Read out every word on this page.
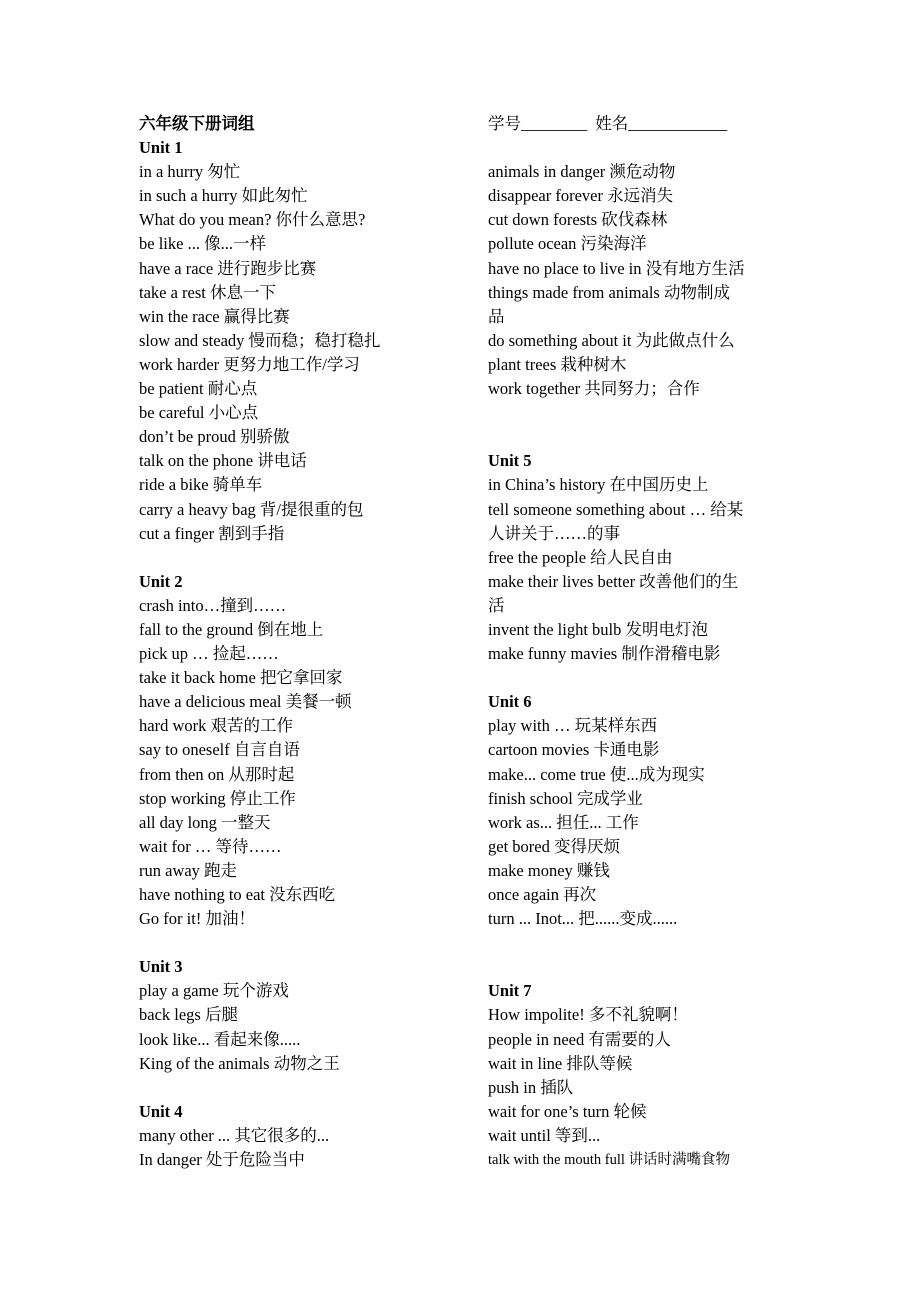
六年级下册词组
Unit 1
in a hurry 匆忙
in such a hurry 如此匆忙
What do you mean? 你什么意思?
be like ... 像...一样
have a race 进行跑步比赛
take a rest 休息一下
win the race 赢得比赛
slow and steady 慢而稳；稳打稳扎
work harder 更努力地工作/学习
be patient 耐心点
be careful 小心点
don’t be proud 别骄傲
talk on the phone 讲电话
ride a bike 骑单车
carry a heavy bag 背/提很重的包
cut a finger 割到手指
Unit 2
crash into…撞到……
fall to the ground 倒在地上
pick up … 捡起……
take it back home 把它拿回家
have a delicious meal 美餐一顿
hard work 艰苦的工作
say to oneself 自言自语
from then on 从那时起
stop working 停止工作
all day long 一整天
wait for … 等待……
run away 跑走
have nothing to eat 没东西吃
Go for it! 加油！
Unit 3
play a game 玩个游戏
back legs 后腿
look like... 看起来像.....
King of the animals 动物之王
Unit 4
many other ... 其它很多的...
In danger 处于危险当中
学号________ 姓名____________
animals in danger 濒危动物
disappear forever 永远消失
cut down forests 砍伐森林
pollute ocean 污染海洋
have no place to live in 没有地方生活
things made from animals 动物制成
品
do something about it 为此做点什么
plant trees 栽种树木
work together 共同努力；合作
Unit 5
in China’s history 在中国历史上
tell someone something about … 给某
人讲关于……的事
free the people 给人民自由
make their lives better 改善他们的生
活
invent the light bulb 发明电灯泡
make funny mavies 制作滑稽电影
Unit 6
play with … 玩某样东西
cartoon movies 卡通电影
make... come true 使...成为现实
finish school 完成学业
work as... 担任... 工作
get bored 变得厌烦
make money 赚钱
once again 再次
turn ... Inot... 把......变成......
Unit 7
How impolite! 多不礼貌啊！
people in need 有需要的人
wait in line 排队等候
push in 插队
wait for one’s turn 轮候
wait until 等到...
talk with the mouth full 讲话时满嘴食物
